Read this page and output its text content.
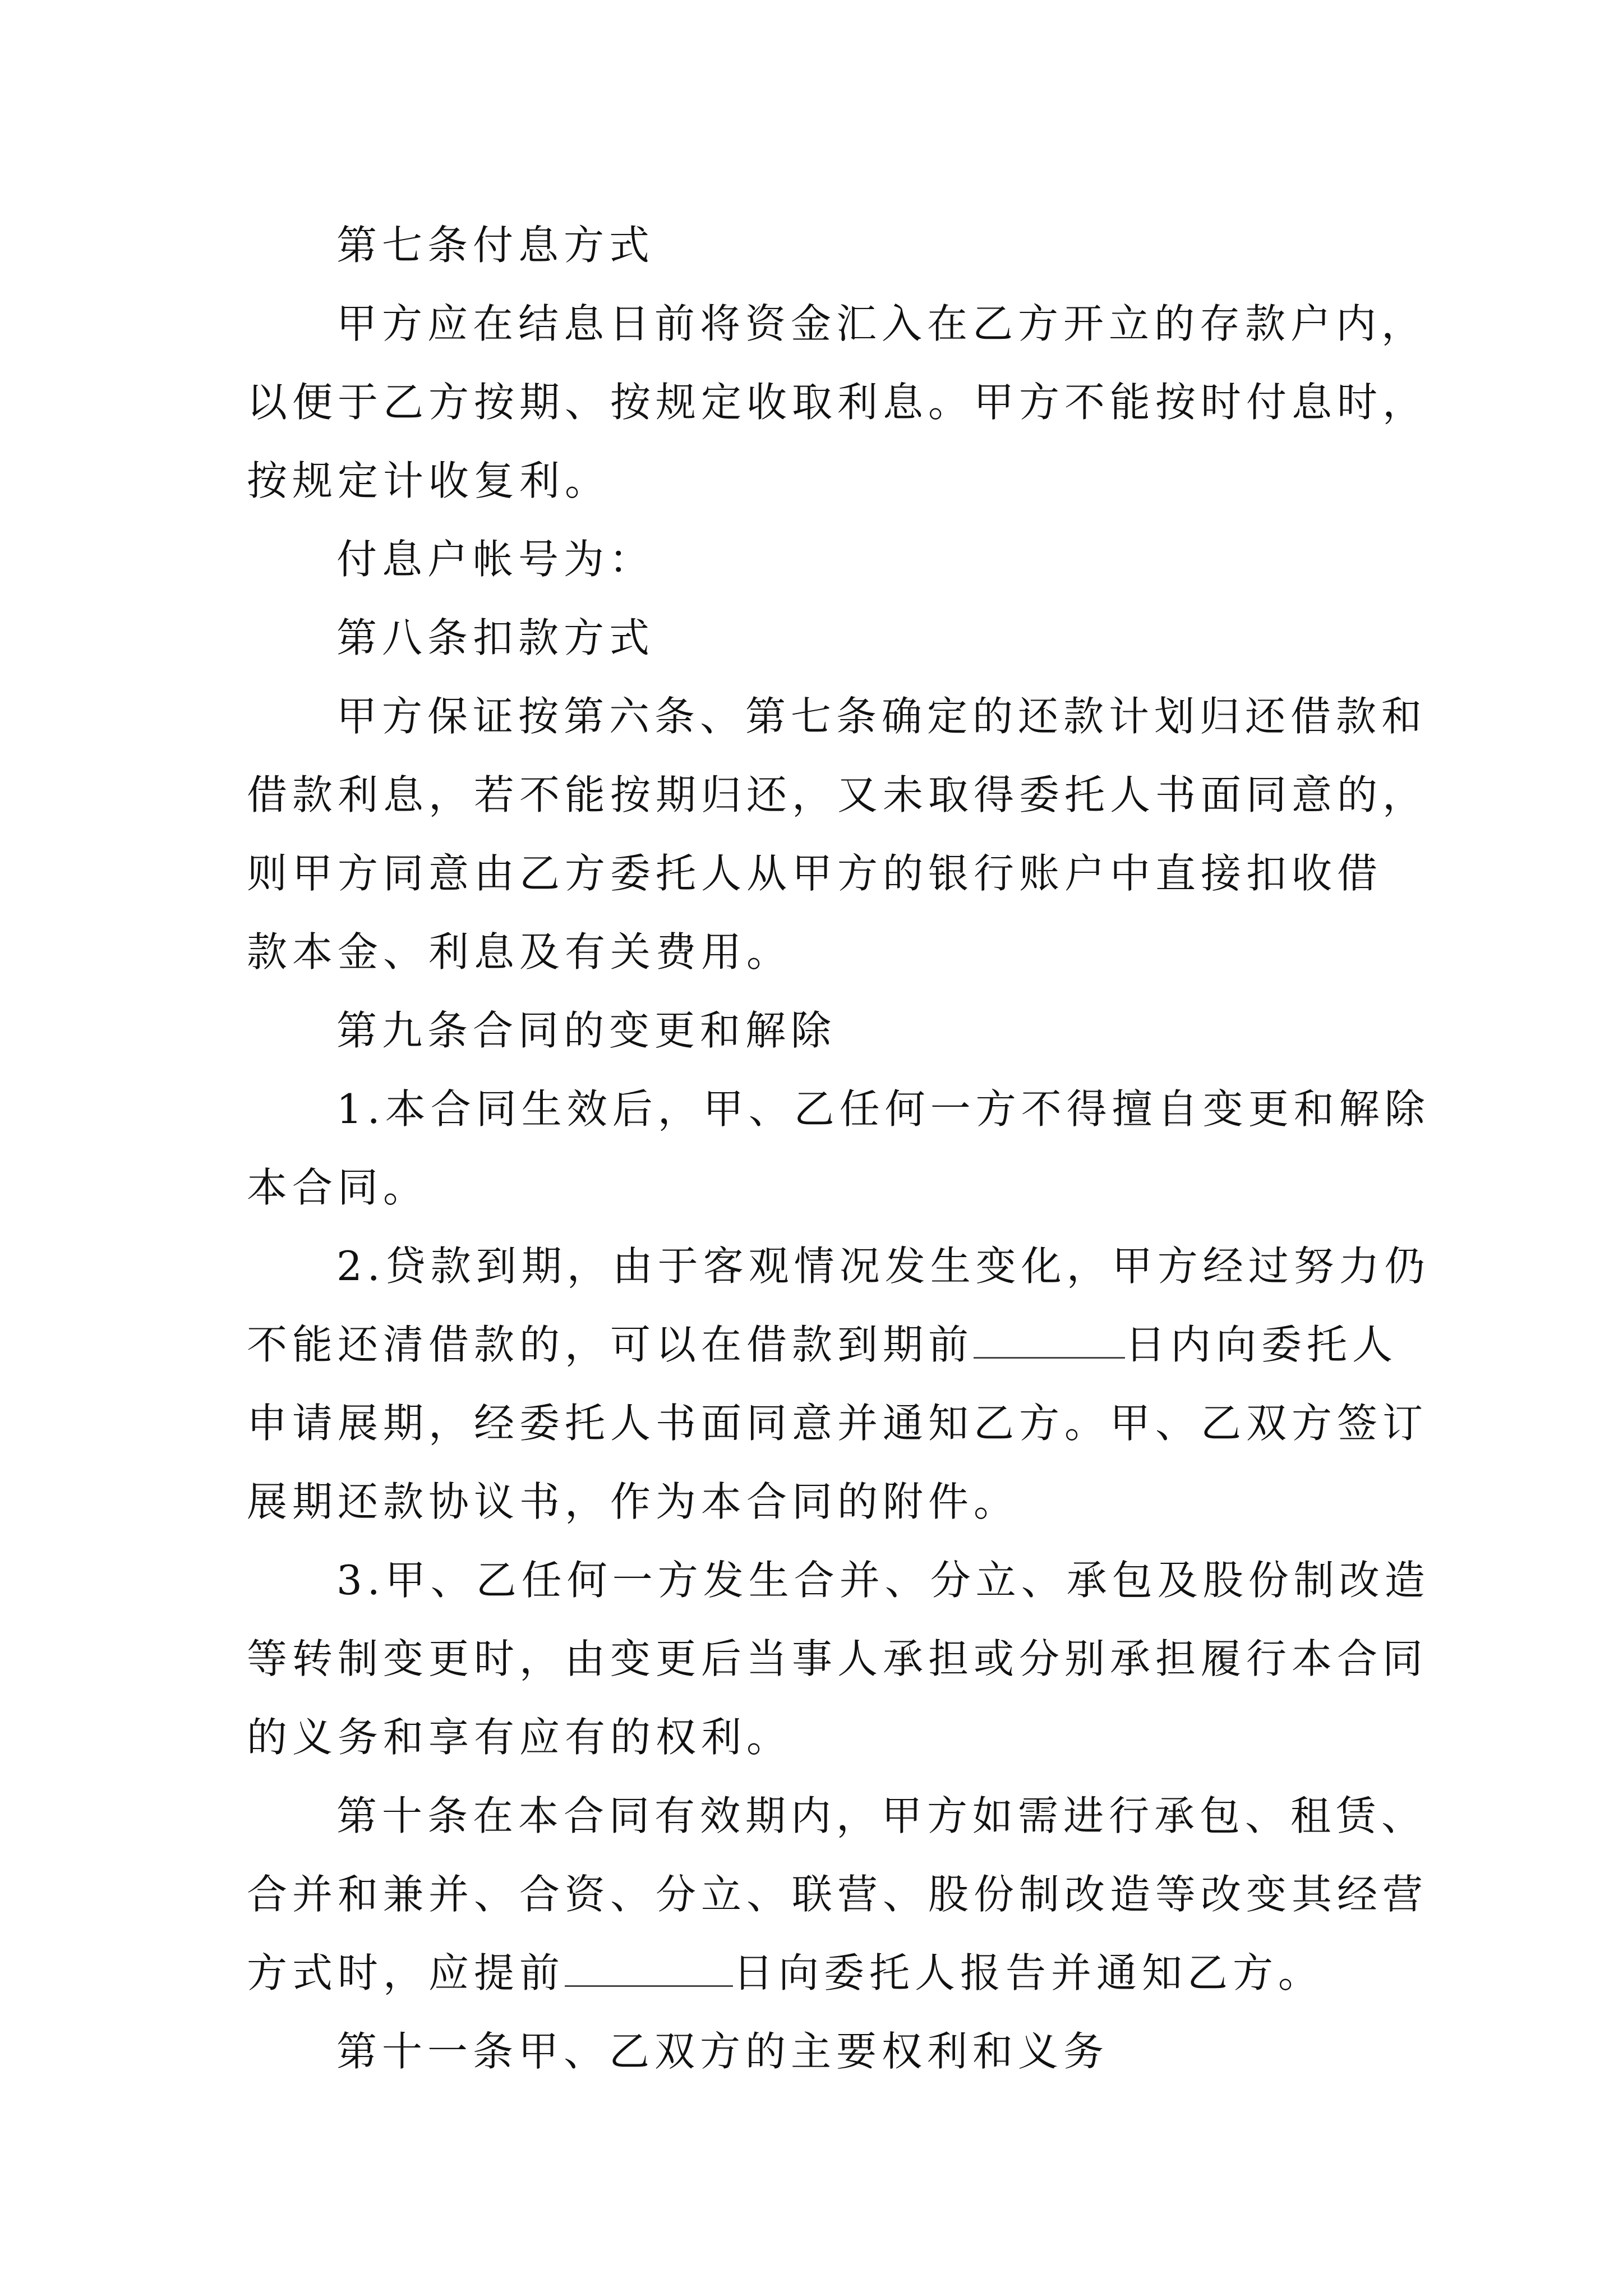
第七条付息方式
甲方应在结息日前将资金汇入在乙方开立的存款户内，
以便于乙方按期、按规定收取利息。甲方不能按时付息时，
按规定计收复利。
付息户帐号为：
第八条扣款方式
甲方保证按第六条、第七条确定的还款计划归还借款和
借款利息，若不能按期归还，又未取得委托人书面同意的，
则甲方同意由乙方委托人从甲方的银行账户中直接扣收借
款本金、利息及有关费用。
第九条合同的变更和解除
1.本合同生效后，甲、乙任何一方不得擅自变更和解除
本合同。
2.贷款到期，由于客观情况发生变化，甲方经过努力仍
不能还清借款的，可以在借款到期前	日内向委托人
申请展期，经委托人书面同意并通知乙方。甲、乙双方签订
展期还款协议书，作为本合同的附件。
3.甲、乙任何一方发生合并、分立、承包及股份制改造
等转制变更时，由变更后当事人承担或分别承担履行本合同
的义务和享有应有的权利。
第十条在本合同有效期内，甲方如需进行承包、租赁、
合并和兼并、合资、分立、联营、股份制改造等改变其经营
方式时，应提前	日向委托人报告并通知乙方。
第十一条甲、乙双方的主要权利和义务
